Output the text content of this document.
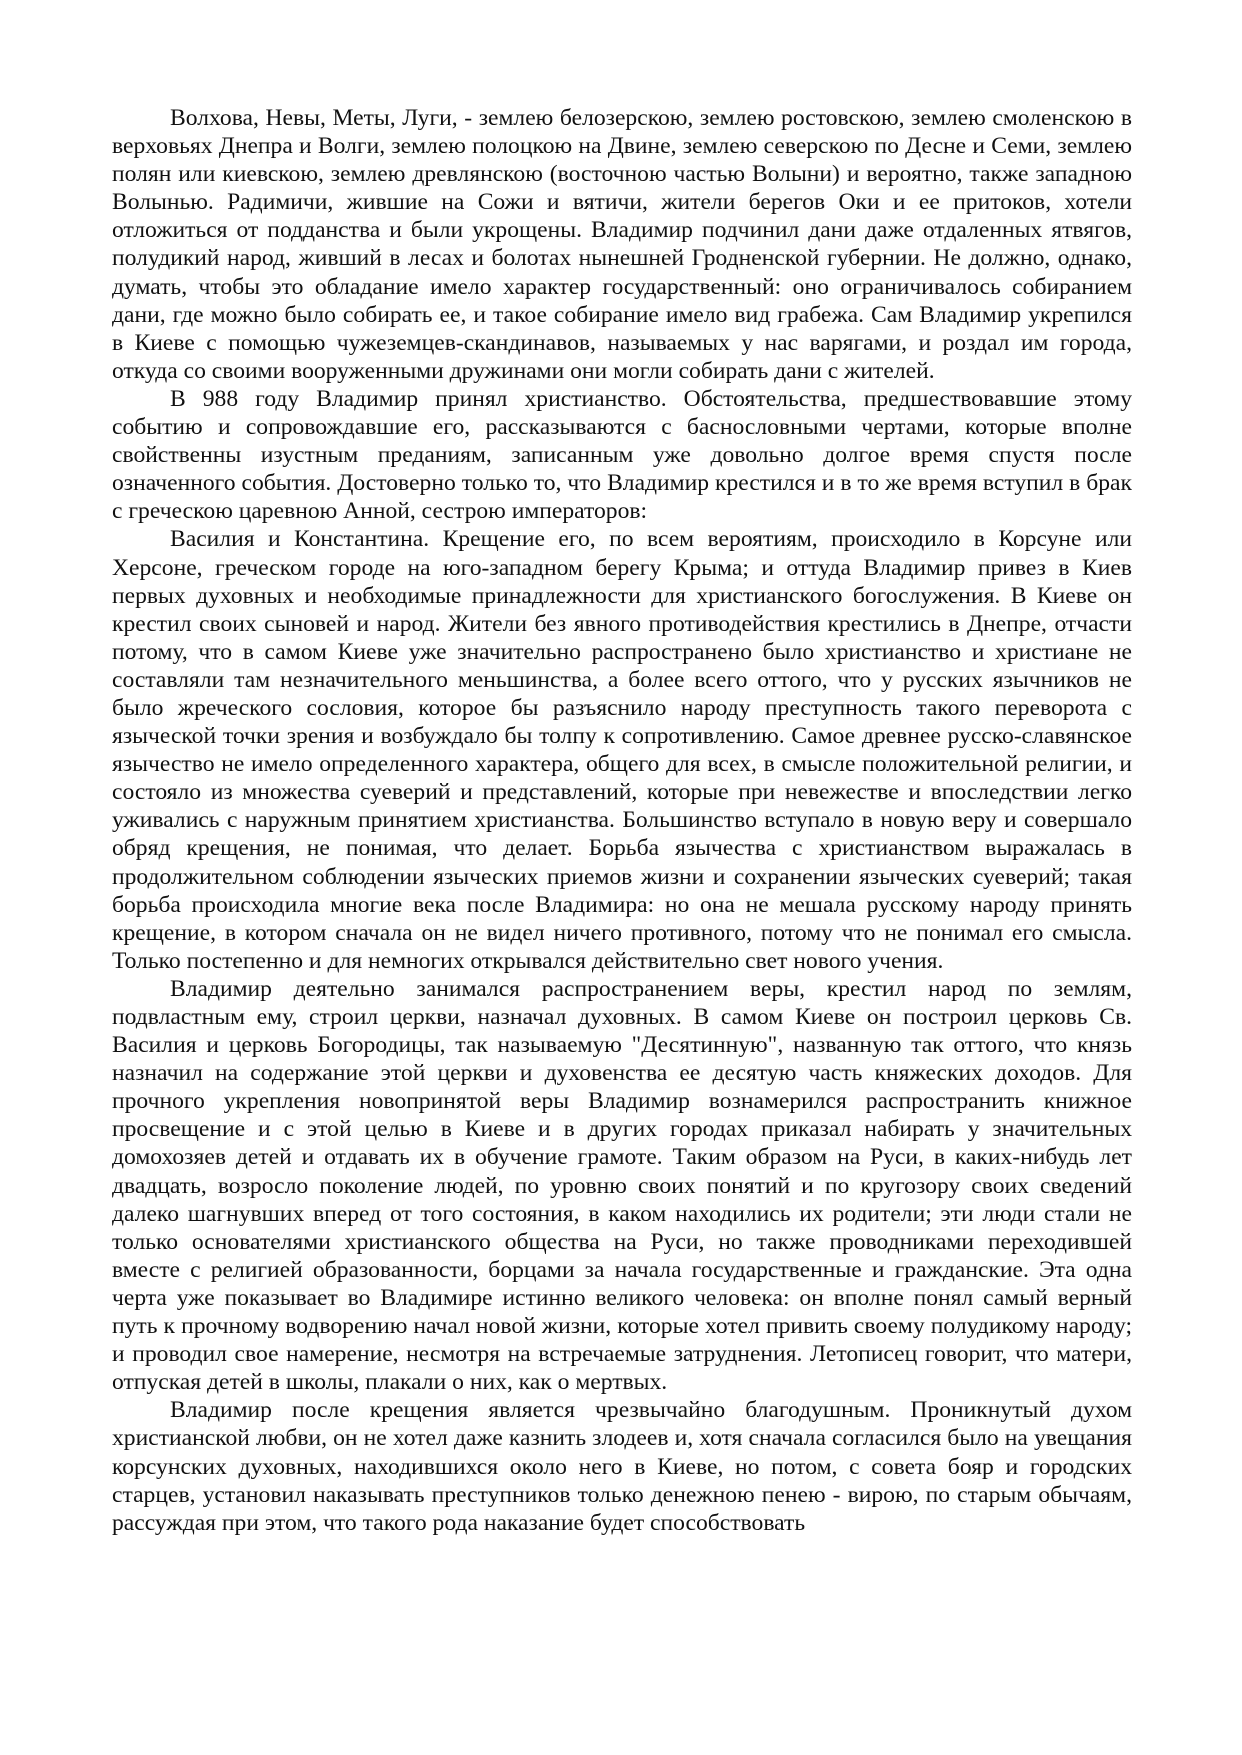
Волхова, Невы, Меты, Луги, - землею белозерскою, землею ростовскою, землею смоленскою в верховьях Днепра и Волги, землею полоцкою на Двине, землею северскою по Десне и Семи, землею полян или киевскою, землею древлянскою (восточною частью Волыни) и вероятно, также западною Волынью. Радимичи, жившие на Сожи и вятичи, жители берегов Оки и ее притоков, хотели отложиться от подданства и были укрощены. Владимир подчинил дани даже отдаленных ятвягов, полудикий народ, живший в лесах и болотах нынешней Гродненской губернии. Не должно, однако, думать, чтобы это обладание имело характер государственный: оно ограничивалось собиранием дани, где можно было собирать ее, и такое собирание имело вид грабежа. Сам Владимир укрепился в Киеве с помощью чужеземцев-скандинавов, называемых у нас варягами, и роздал им города, откуда со своими вооруженными дружинами они могли собирать дани с жителей.

В 988 году Владимир принял христианство. Обстоятельства, предшествовавшие этому событию и сопровождавшие его, рассказываются с баснословными чертами, которые вполне свойственны изустным преданиям, записанным уже довольно долгое время спустя после означенного события. Достоверно только то, что Владимир крестился и в то же время вступил в брак с греческою царевною Анной, сестрою императоров:

Василия и Константина. Крещение его, по всем вероятиям, происходило в Корсуне или Херсоне, греческом городе на юго-западном берегу Крыма; и оттуда Владимир привез в Киев первых духовных и необходимые принадлежности для христианского богослужения. В Киеве он крестил своих сыновей и народ. Жители без явного противодействия крестились в Днепре, отчасти потому, что в самом Киеве уже значительно распространено было христианство и христиане не составляли там незначительного меньшинства, а более всего оттого, что у русских язычников не было жреческого сословия, которое бы разъяснило народу преступность такого переворота с языческой точки зрения и возбуждало бы толпу к сопротивлению. Самое древнее русско-славянское язычество не имело определенного характера, общего для всех, в смысле положительной религии, и состояло из множества суеверий и представлений, которые при невежестве и впоследствии легко уживались с наружным принятием христианства. Большинство вступало в новую веру и совершало обряд крещения, не понимая, что делает. Борьба язычества с христианством выражалась в продолжительном соблюдении языческих приемов жизни и сохранении языческих суеверий; такая борьба происходила многие века после Владимира: но она не мешала русскому народу принять крещение, в котором сначала он не видел ничего противного, потому что не понимал его смысла. Только постепенно и для немногих открывался действительно свет нового учения.

Владимир деятельно занимался распространением веры, крестил народ по землям, подвластным ему, строил церкви, назначал духовных. В самом Киеве он построил церковь Св. Василия и церковь Богородицы, так называемую "Десятинную", названную так оттого, что князь назначил на содержание этой церкви и духовенства ее десятую часть княжеских доходов. Для прочного укрепления новопринятой веры Владимир вознамерился распространить книжное просвещение и с этой целью в Киеве и в других городах приказал набирать у значительных домохозяев детей и отдавать их в обучение грамоте. Таким образом на Руси, в каких-нибудь лет двадцать, возросло поколение людей, по уровню своих понятий и по кругозору своих сведений далеко шагнувших вперед от того состояния, в каком находились их родители; эти люди стали не только основателями христианского общества на Руси, но также проводниками переходившей вместе с религией образованности, борцами за начала государственные и гражданские. Эта одна черта уже показывает во Владимире истинно великого человека: он вполне понял самый верный путь к прочному водворению начал новой жизни, которые хотел привить своему полудикому народу; и проводил свое намерение, несмотря на встречаемые затруднения. Летописец говорит, что матери, отпуская детей в школы, плакали о них, как о мертвых.

Владимир после крещения является чрезвычайно благодушным. Проникнутый духом христианской любви, он не хотел даже казнить злодеев и, хотя сначала согласился было на увещания корсунских духовных, находившихся около него в Киеве, но потом, с совета бояр и городских старцев, установил наказывать преступников только денежною пенею - вирою, по старым обычаям, рассуждая при этом, что такого рода наказание будет способствовать
